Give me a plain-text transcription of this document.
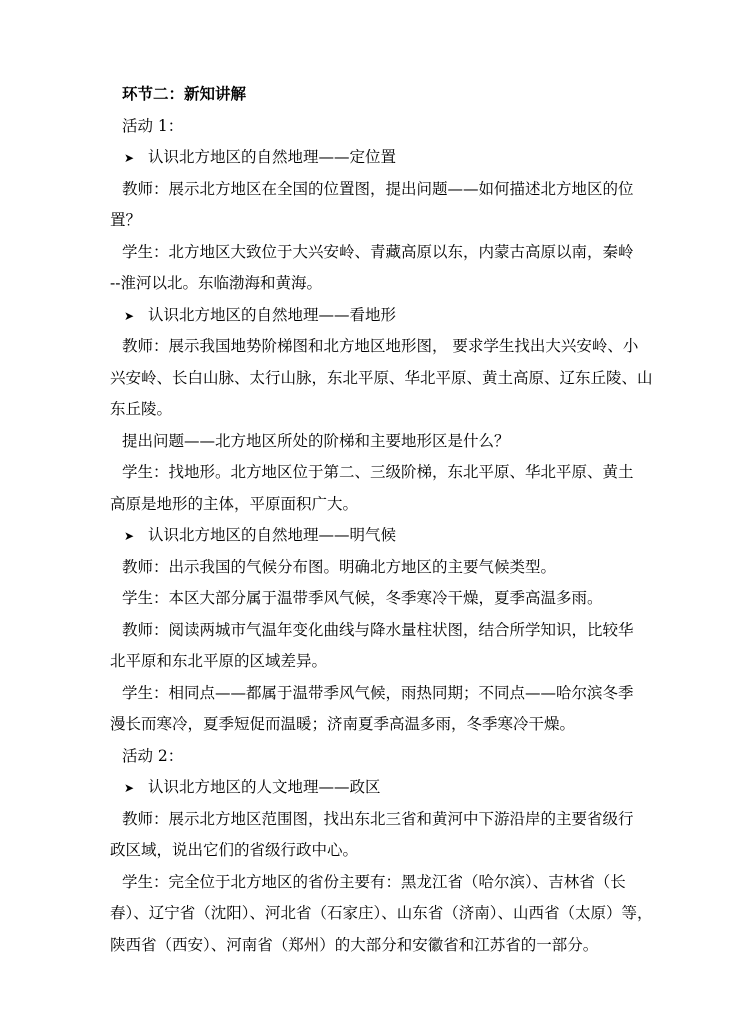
环节二：新知讲解
活动 1：
➤ 认识北方地区的自然地理——定位置
教师：展示北方地区在全国的位置图，提出问题——如何描述北方地区的位
置？
学生：北方地区大致位于大兴安岭、青藏高原以东，内蒙古高原以南，秦岭
--淮河以北。东临渤海和黄海。
➤ 认识北方地区的自然地理——看地形
教师：展示我国地势阶梯图和北方地区地形图， 要求学生找出大兴安岭、小
兴安岭、长白山脉、太行山脉，东北平原、华北平原、黄土高原、辽东丘陵、山
东丘陵。
提出问题——北方地区所处的阶梯和主要地形区是什么？
学生：找地形。北方地区位于第二、三级阶梯，东北平原、华北平原、黄土
高原是地形的主体，平原面积广大。
➤ 认识北方地区的自然地理——明气候
教师：出示我国的气候分布图。明确北方地区的主要气候类型。
学生：本区大部分属于温带季风气候，冬季寒冷干燥，夏季高温多雨。
教师：阅读两城市气温年变化曲线与降水量柱状图，结合所学知识，比较华
北平原和东北平原的区域差异。
学生：相同点——都属于温带季风气候，雨热同期；不同点——哈尔滨冬季
漫长而寒冷，夏季短促而温暖；济南夏季高温多雨，冬季寒冷干燥。
活动 2：
➤ 认识北方地区的人文地理——政区
教师：展示北方地区范围图，找出东北三省和黄河中下游沿岸的主要省级行
政区域，说出它们的省级行政中心。
学生：完全位于北方地区的省份主要有：黑龙江省（哈尔滨）、吉林省（长
春）、辽宁省（沈阳）、河北省（石家庄）、山东省（济南）、山西省（太原）等，
陕西省（西安）、河南省（郑州）的大部分和安徽省和江苏省的一部分。
